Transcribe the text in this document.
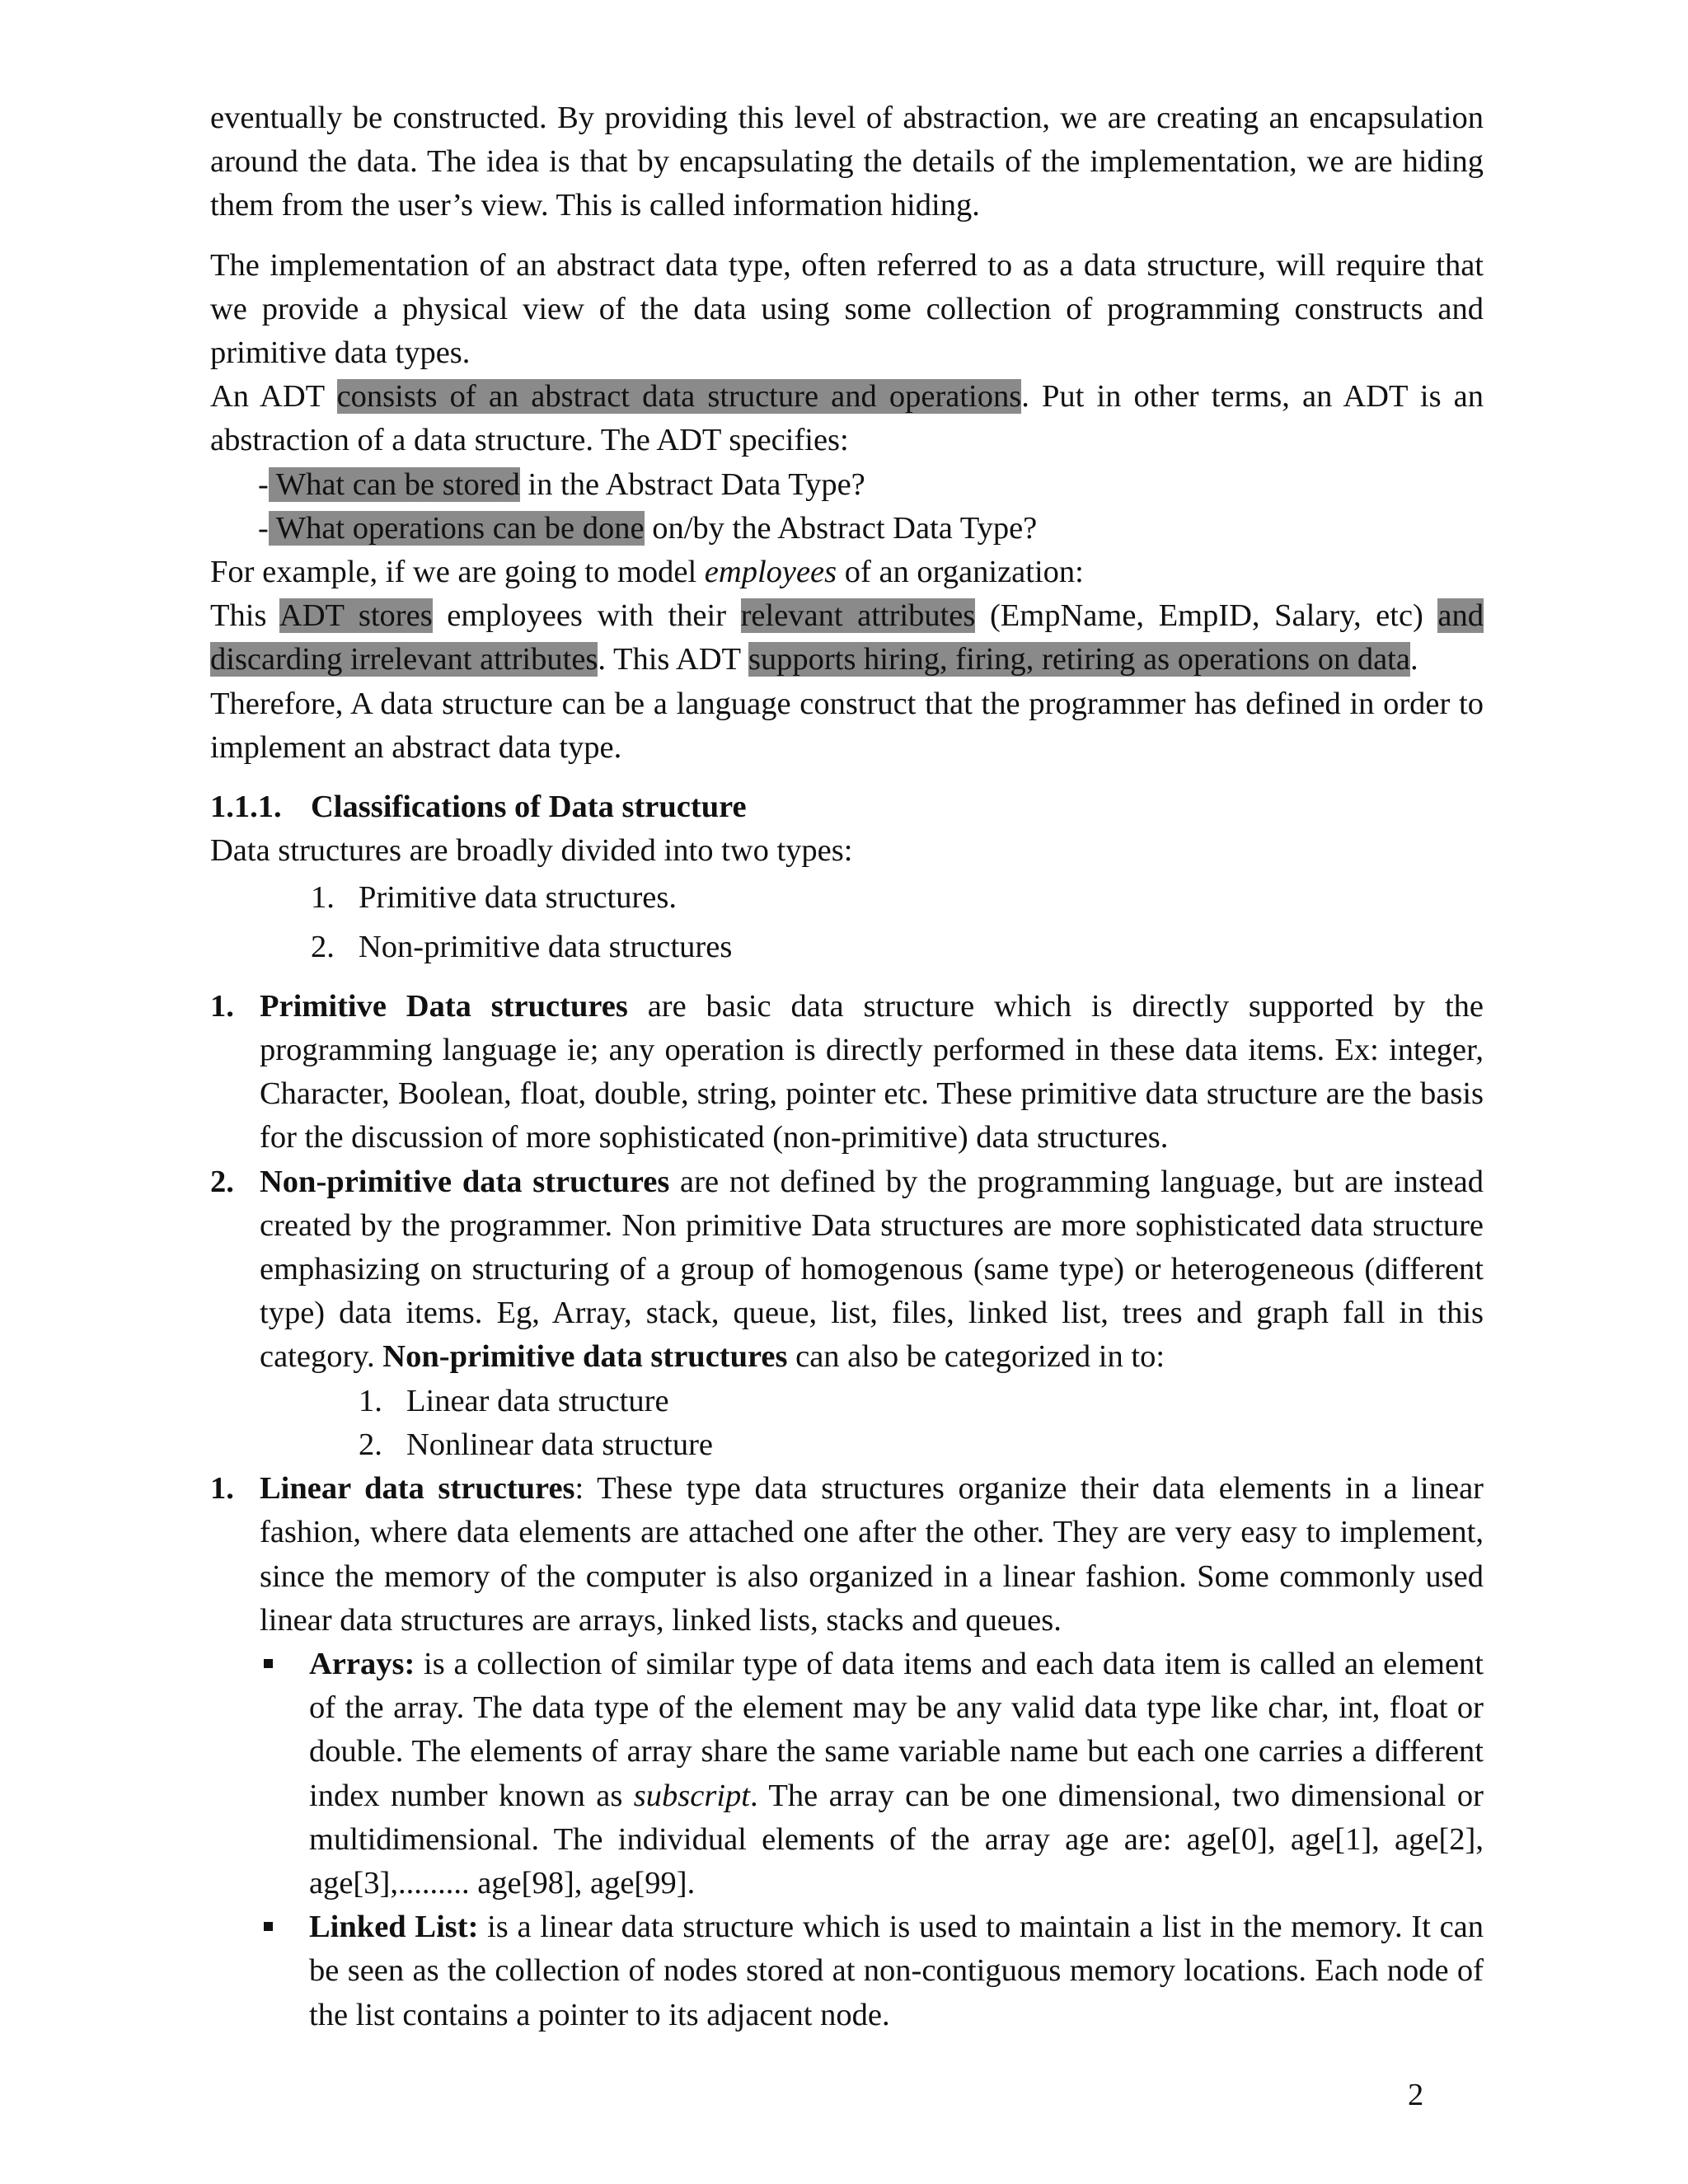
eventually be constructed. By providing this level of abstraction, we are creating an encapsulation around the data. The idea is that by encapsulating the details of the implementation, we are hiding them from the user’s view. This is called information hiding.

The implementation of an abstract data type, often referred to as a data structure, will require that we provide a physical view of the data using some collection of programming constructs and primitive data types.

An ADT consists of an abstract data structure and operations. Put in other terms, an ADT is an abstraction of a data structure. The ADT specifies:

- What can be stored in the Abstract Data Type?

- What operations can be done on/by the Abstract Data Type?

For example, if we are going to model employees of an organization:

This ADT stores employees with their relevant attributes (EmpName, EmpID, Salary, etc) and discarding irrelevant attributes. This ADT supports hiring, firing, retiring as operations on data.

Therefore, A data structure can be a language construct that the programmer has defined in order to implement an abstract data type.

1.1.1. Classifications of Data structure

Data structures are broadly divided into two types:

1. Primitive data structures.

2. Non-primitive data structures

1. Primitive Data structures are basic data structure which is directly supported by the programming language ie; any operation is directly performed in these data items. Ex: integer, Character, Boolean, float, double, string, pointer etc. These primitive data structure are the basis for the discussion of more sophisticated (non-primitive) data structures.

2. Non-primitive data structures are not defined by the programming language, but are instead created by the programmer. Non primitive Data structures are more sophisticated data structure emphasizing on structuring of a group of homogenous (same type) or heterogeneous (different type) data items. Eg, Array, stack, queue, list, files, linked list, trees and graph fall in this category. Non-primitive data structures can also be categorized in to:

1. Linear data structure

2. Nonlinear data structure

1. Linear data structures: These type data structures organize their data elements in a linear fashion, where data elements are attached one after the other. They are very easy to implement, since the memory of the computer is also organized in a linear fashion. Some commonly used linear data structures are arrays, linked lists, stacks and queues.

Arrays: is a collection of similar type of data items and each data item is called an element of the array. The data type of the element may be any valid data type like char, int, float or double. The elements of array share the same variable name but each one carries a different index number known as subscript. The array can be one dimensional, two dimensional or multidimensional. The individual elements of the array age are: age[0], age[1], age[2], age[3],......... age[98], age[99].

Linked List: is a linear data structure which is used to maintain a list in the memory. It can be seen as the collection of nodes stored at non-contiguous memory locations. Each node of the list contains a pointer to its adjacent node.

2
